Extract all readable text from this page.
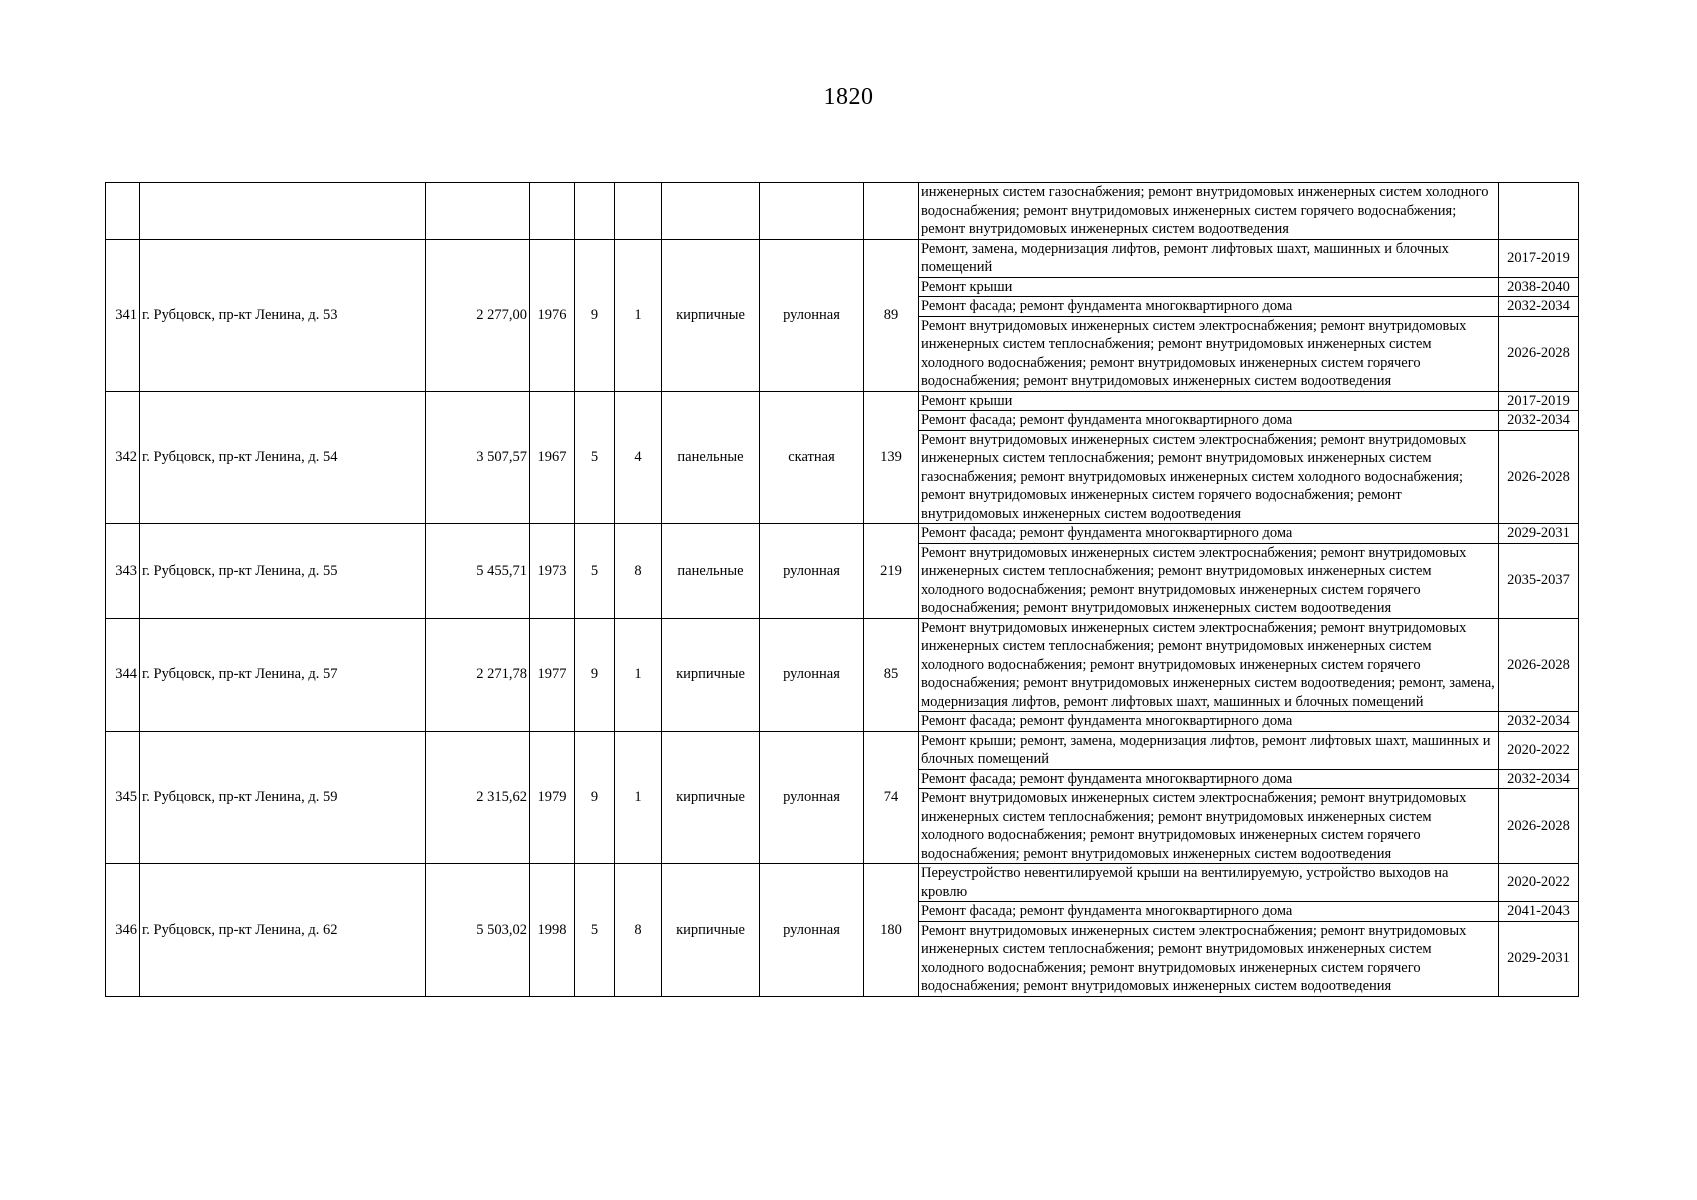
1820
									инженерных систем газоснабжения; ремонт внутридомовых инженерных систем холодного водоснабжения; ремонт внутридомовых инженерных систем горячего водоснабжения; ремонт внутридомовых инженерных систем водоотведения	
341	г. Рубцовск, пр-кт Ленина, д. 53	2 277,00	1976	9	1	кирпичные	рулонная	89	Ремонт, замена, модернизация лифтов, ремонт лифтовых шахт, машинных и блочных помещений	2017-2019
									Ремонт крыши	2038-2040
									Ремонт фасада; ремонт фундамента многоквартирного дома	2032-2034
									Ремонт внутридомовых инженерных систем электроснабжения; ремонт внутридомовых инженерных систем теплоснабжения; ремонт внутридомовых инженерных систем холодного водоснабжения; ремонт внутридомовых инженерных систем горячего водоснабжения; ремонт внутридомовых инженерных систем водоотведения	2026-2028
342	г. Рубцовск, пр-кт Ленина, д. 54	3 507,57	1967	5	4	панельные	скатная	139	Ремонт крыши	2017-2019
									Ремонт фасада; ремонт фундамента многоквартирного дома	2032-2034
									Ремонт внутридомовых инженерных систем электроснабжения; ремонт внутридомовых инженерных систем теплоснабжения; ремонт внутридомовых инженерных систем газоснабжения; ремонт внутридомовых инженерных систем холодного водоснабжения; ремонт внутридомовых инженерных систем горячего водоснабжения; ремонт внутридомовых инженерных систем водоотведения	2026-2028
343	г. Рубцовск, пр-кт Ленина, д. 55	5 455,71	1973	5	8	панельные	рулонная	219	Ремонт фасада; ремонт фундамента многоквартирного дома	2029-2031
									Ремонт внутридомовых инженерных систем электроснабжения; ремонт внутридомовых инженерных систем теплоснабжения; ремонт внутридомовых инженерных систем холодного водоснабжения; ремонт внутридомовых инженерных систем горячего водоснабжения; ремонт внутридомовых инженерных систем водоотведения	2035-2037
344	г. Рубцовск, пр-кт Ленина, д. 57	2 271,78	1977	9	1	кирпичные	рулонная	85	Ремонт внутридомовых инженерных систем электроснабжения; ремонт внутридомовых инженерных систем теплоснабжения; ремонт внутридомовых инженерных систем холодного водоснабжения; ремонт внутридомовых инженерных систем горячего водоснабжения; ремонт внутридомовых инженерных систем водоотведения; ремонт, замена, модернизация лифтов, ремонт лифтовых шахт, машинных и блочных помещений	2026-2028
									Ремонт фасада; ремонт фундамента многоквартирного дома	2032-2034
345	г. Рубцовск, пр-кт Ленина, д. 59	2 315,62	1979	9	1	кирпичные	рулонная	74	Ремонт крыши; ремонт, замена, модернизация лифтов, ремонт лифтовых шахт, машинных и блочных помещений	2020-2022
									Ремонт фасада; ремонт фундамента многоквартирного дома	2032-2034
									Ремонт внутридомовых инженерных систем электроснабжения; ремонт внутридомовых инженерных систем теплоснабжения; ремонт внутридомовых инженерных систем холодного водоснабжения; ремонт внутридомовых инженерных систем горячего водоснабжения; ремонт внутридомовых инженерных систем водоотведения	2026-2028
346	г. Рубцовск, пр-кт Ленина, д. 62	5 503,02	1998	5	8	кирпичные	рулонная	180	Переустройство невентилируемой крыши на вентилируемую, устройство выходов на кровлю	2020-2022
									Ремонт фасада; ремонт фундамента многоквартирного дома	2041-2043
									Ремонт внутридомовых инженерных систем электроснабжения; ремонт внутридомовых инженерных систем теплоснабжения; ремонт внутридомовых инженерных систем холодного водоснабжения; ремонт внутридомовых инженерных систем горячего водоснабжения; ремонт внутридомовых инженерных систем водоотведения	2029-2031
